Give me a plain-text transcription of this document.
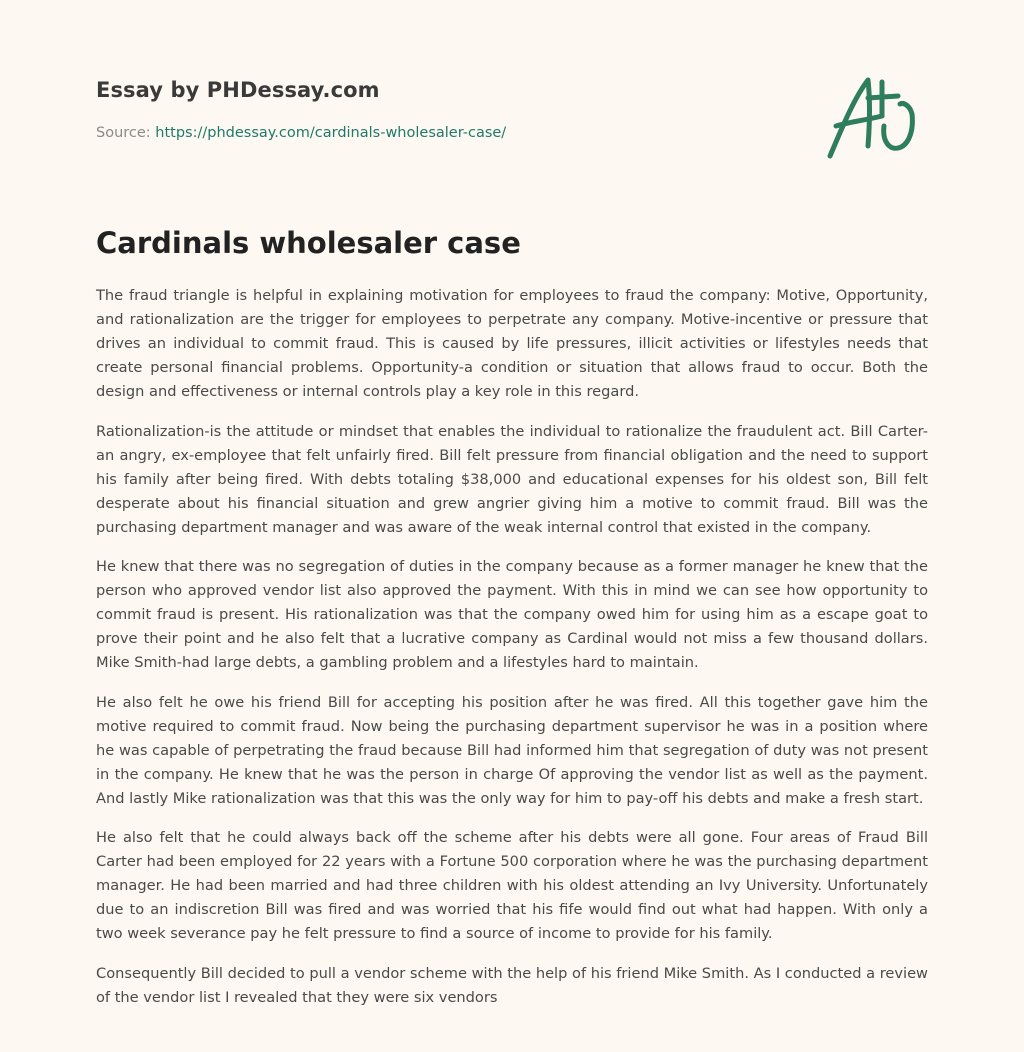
Essay by PHDessay.com
Source: https://phdessay.com/cardinals-wholesaler-case/
Cardinals wholesaler case

The fraud triangle is helpful in explaining motivation for employees to fraud the company: Motive, Opportunity, and rationalization are the trigger for employees to perpetrate any company. Motive-incentive or pressure that drives an individual to commit fraud. This is caused by life pressures, illicit activities or lifestyles needs that create personal financial problems. Opportunity-a condition or situation that allows fraud to occur. Both the design and effectiveness or internal controls play a key role in this regard.

Rationalization-is the attitude or mindset that enables the individual to rationalize the fraudulent act. Bill Carter-an angry, ex-employee that felt unfairly fired. Bill felt pressure from financial obligation and the need to support his family after being fired. With debts totaling $38,000 and educational expenses for his oldest son, Bill felt desperate about his financial situation and grew angrier giving him a motive to commit fraud. Bill was the purchasing department manager and was aware of the weak internal control that existed in the company.

He knew that there was no segregation of duties in the company because as a former manager he knew that the person who approved vendor list also approved the payment. With this in mind we can see how opportunity to commit fraud is present. His rationalization was that the company owed him for using him as a escape goat to prove their point and he also felt that a lucrative company as Cardinal would not miss a few thousand dollars. Mike Smith-had large debts, a gambling problem and a lifestyles hard to maintain.

He also felt he owe his friend Bill for accepting his position after he was fired. All this together gave him the motive required to commit fraud. Now being the purchasing department supervisor he was in a position where he was capable of perpetrating the fraud because Bill had informed him that segregation of duty was not present in the company. He knew that he was the person in charge Of approving the vendor list as well as the payment. And lastly Mike rationalization was that this was the only way for him to pay-off his debts and make a fresh start.

He also felt that he could always back off the scheme after his debts were all gone. Four areas of Fraud Bill Carter had been employed for 22 years with a Fortune 500 corporation where he was the purchasing department manager. He had been married and had three children with his oldest attending an Ivy University. Unfortunately due to an indiscretion Bill was fired and was worried that his fife would find out what had happen. With only a two week severance pay he felt pressure to find a source of income to provide for his family.

Consequently Bill decided to pull a vendor scheme with the help of his friend Mike Smith. As I conducted a review of the vendor list I revealed that they were six vendors
